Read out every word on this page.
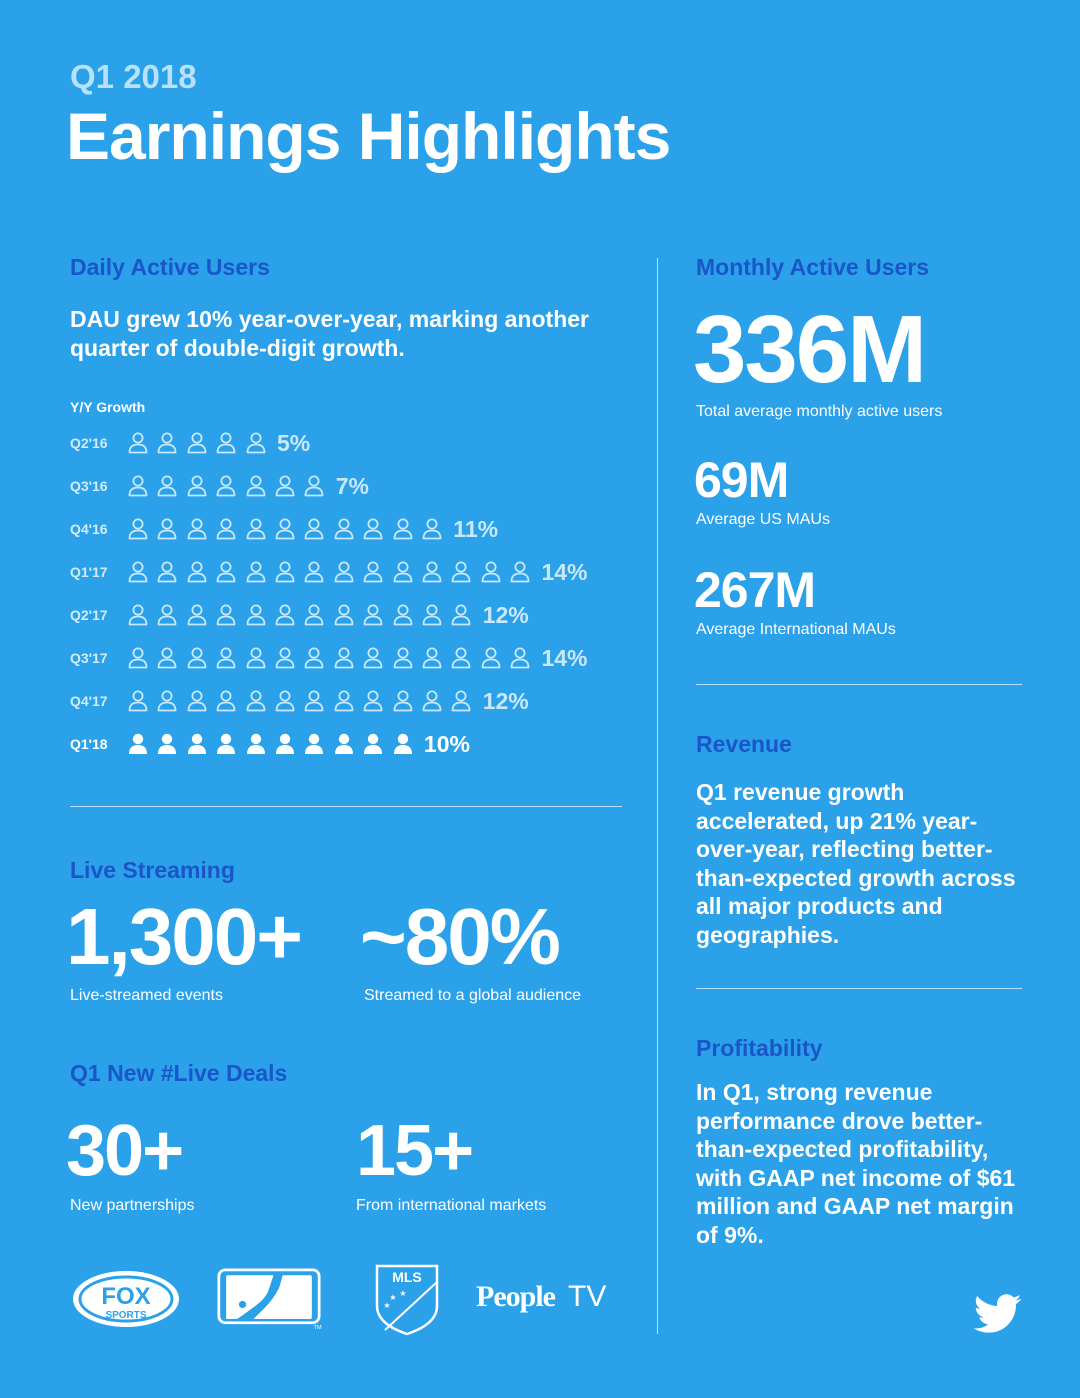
Q1 2018
Earnings Highlights
Daily Active Users
DAU grew 10% year-over-year, marking another quarter of double-digit growth.
Y/Y Growth
Q2'16	5%
Q3'16	7%
Q4'16	11%
Q1'17	14%
Q2'17	12%
Q3'17	14%
Q4'17	12%
Q1'18	10%
Monthly Active Users
336M
Total average monthly active users
69M
Average US MAUs
267M
Average International MAUs
Revenue
Q1 revenue growth accelerated, up 21% year-over-year, reflecting better-than-expected growth across all major products and geographies.
Profitability
In Q1, strong revenue performance drove better-than-expected profitability, with GAAP net income of $61 million and GAAP net margin of 9%.
Live Streaming
1,300+
Live-streamed events
~80%
Streamed to a global audience
Q1 New #Live Deals
30+
New partnerships
15+
From international markets
FOX
SPORTS
TM
MLS
★ ★
★	People TV
